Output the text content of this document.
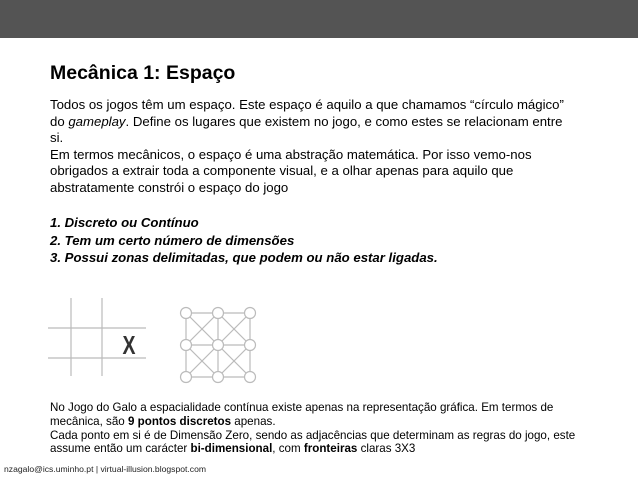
Mecânica 1: Espaço

Todos os jogos têm um espaço. Este espaço é aquilo a que chamamos “círculo mágico” do gameplay. Define os lugares que existem no jogo, e como estes se relacionam entre si.

Em termos mecânicos, o espaço é uma abstração matemática. Por isso vemo-nos obrigados a extrair toda a componente visual, e a olhar apenas para aquilo que abstratamente constrói o espaço do jogo

1. Discreto ou Contínuo
2. Tem um certo número de dimensões
3. Possui zonas delimitadas, que podem ou não estar ligadas.
X

No Jogo do Galo a espacialidade contínua existe apenas na representação gráfica. Em termos de mecânica, são 9 pontos discretos apenas.

Cada ponto em si é de Dimensão Zero, sendo as adjacências que determinam as regras do jogo, este assume então um carácter bi-dimensional, com fronteiras claras 3X3

nzagalo@ics.uminho.pt | virtual-illusion.blogspot.com
